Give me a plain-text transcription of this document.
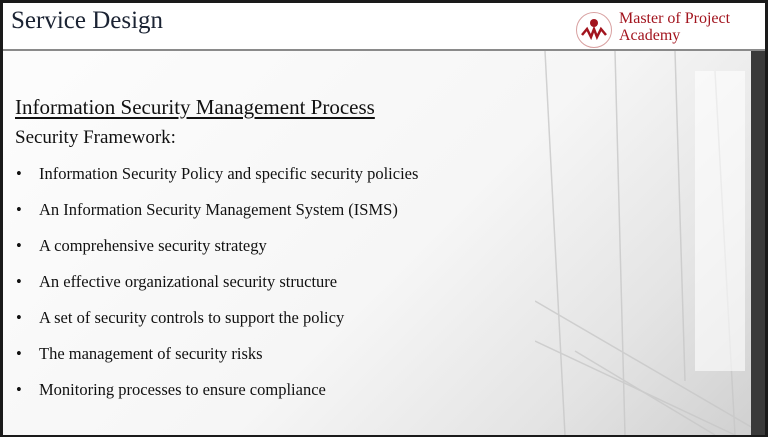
Service Design	Master of Project
Academy
Information Security Management Process
Security Framework:
•	Information Security Policy and specific security policies
•	An Information Security Management System (ISMS)
•	A comprehensive security strategy
•	An effective organizational security structure
•	A set of security controls to support the policy
•	The management of security risks
•	Monitoring processes to ensure compliance
